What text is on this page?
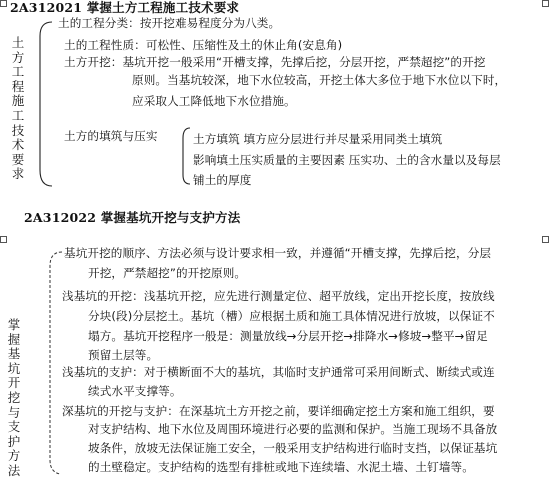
2A312021 掌握土方工程施工技术要求
土方工程施工技术要求
土的工程分类：按开挖难易程度分为八类。
土的工程性质：可松性、压缩性及土的休止角(安息角)
土方开挖：基坑开挖一般采用“开槽支撑，先撑后挖，分层开挖，严禁超挖”的开挖
原则。当基坑较深，地下水位较高，开挖土体大多位于地下水位以下时，
应采取人工降低地下水位措施。
土方的填筑与压实	土方填筑 填方应分层进行并尽量采用同类土填筑
影响填土压实质量的主要因素 压实功、土的含水量以及每层
铺土的厚度
2A312022 掌握基坑开挖与支护方法
掌握基坑开挖与支护方法
基坑开挖的顺序、方法必须与设计要求相一致，并遵循“开槽支撑，先撑后挖，分层
开挖，严禁超挖”的开挖原则。
浅基坑的开挖：浅基坑开挖，应先进行测量定位、超平放线，定出开挖长度，按放线
分块(段)分层挖土。基坑（槽）应根据土质和施工具体情况进行放坡，以保证不
塌方。基坑开挖程序一般是：测量放线→分层开挖→排降水→修坡→整平→留足
预留土层等。
浅基坑的支护：对于横断面不大的基坑，其临时支护通常可采用间断式、断续式或连
续式水平支撑等。
深基坑的开挖与支护：在深基坑土方开挖之前，要详细确定挖土方案和施工组织，要
对支护结构、地下水位及周围环境进行必要的监测和保护。当施工现场不具备放
坡条件，放坡无法保证施工安全，一般采用支护结构进行临时支挡，以保证基坑
的土壁稳定。支护结构的选型有排桩或地下连续墙、水泥土墙、土钉墙等。
